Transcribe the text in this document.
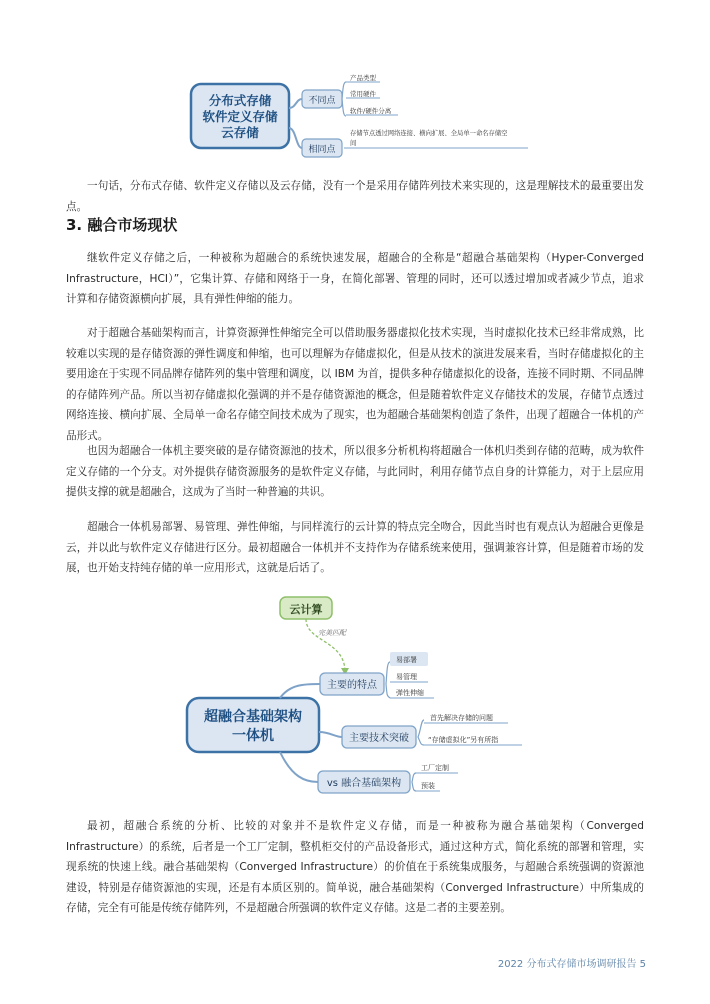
分布式存储
软件定义存储
云存储
不同点
产品类型
常用硬件
软件/硬件分离
相同点
存储节点透过网络连接、横向扩展、全局单一命名存储空
间

一句话，分布式存储、软件定义存储以及云存储，没有一个是采用存储阵列技术来实现的，这是理解技术的最重要出发点。

3. 融合市场现状

继软件定义存储之后，一种被称为超融合的系统快速发展，超融合的全称是“超融合基础架构（Hyper-Converged Infrastructure，HCI）”，它集计算、存储和网络于一身，在简化部署、管理的同时，还可以透过增加或者减少节点，追求计算和存储资源横向扩展，具有弹性伸缩的能力。

对于超融合基础架构而言，计算资源弹性伸缩完全可以借助服务器虚拟化技术实现，当时虚拟化技术已经非常成熟，比较难以实现的是存储资源的弹性调度和伸缩，也可以理解为存储虚拟化，但是从技术的演进发展来看，当时存储虚拟化的主要用途在于实现不同品牌存储阵列的集中管理和调度，以 IBM 为首，提供多种存储虚拟化的设备，连接不同时期、不同品牌的存储阵列产品。所以当初存储虚拟化强调的并不是存储资源池的概念，但是随着软件定义存储技术的发展，存储节点透过网络连接、横向扩展、全局单一命名存储空间技术成为了现实，也为超融合基础架构创造了条件，出现了超融合一体机的产品形式。

也因为超融合一体机主要突破的是存储资源池的技术，所以很多分析机构将超融合一体机归类到存储的范畴，成为软件定义存储的一个分支。对外提供存储资源服务的是软件定义存储，与此同时，利用存储节点自身的计算能力，对于上层应用提供支撑的就是超融合，这成为了当时一种普遍的共识。

超融合一体机易部署、易管理、弹性伸缩，与同样流行的云计算的特点完全吻合，因此当时也有观点认为超融合更像是云，并以此与软件定义存储进行区分。最初超融合一体机并不支持作为存储系统来使用，强调兼容计算，但是随着市场的发展，也开始支持纯存储的单一应用形式，这就是后话了。

云计算
完美匹配
超融合基础架构
一体机
主要的特点
易部署
易管理
弹性伸缩
主要技术突破
首先解决存储的问题
“存储虚拟化”另有所指
vs 融合基础架构
工厂定制
预装

最初，超融合系统的分析、比较的对象并不是软件定义存储，而是一种被称为融合基础架构（Converged Infrastructure）的系统，后者是一个工厂定制，整机柜交付的产品设备形式，通过这种方式，简化系统的部署和管理，实现系统的快速上线。融合基础架构（Converged Infrastructure）的价值在于系统集成服务，与超融合系统强调的资源池建设，特别是存储资源池的实现，还是有本质区别的。简单说，融合基础架构（Converged Infrastructure）中所集成的存储，完全有可能是传统存储阵列，不是超融合所强调的软件定义存储。这是二者的主要差别。

2022 分布式存储市场调研报告 5
